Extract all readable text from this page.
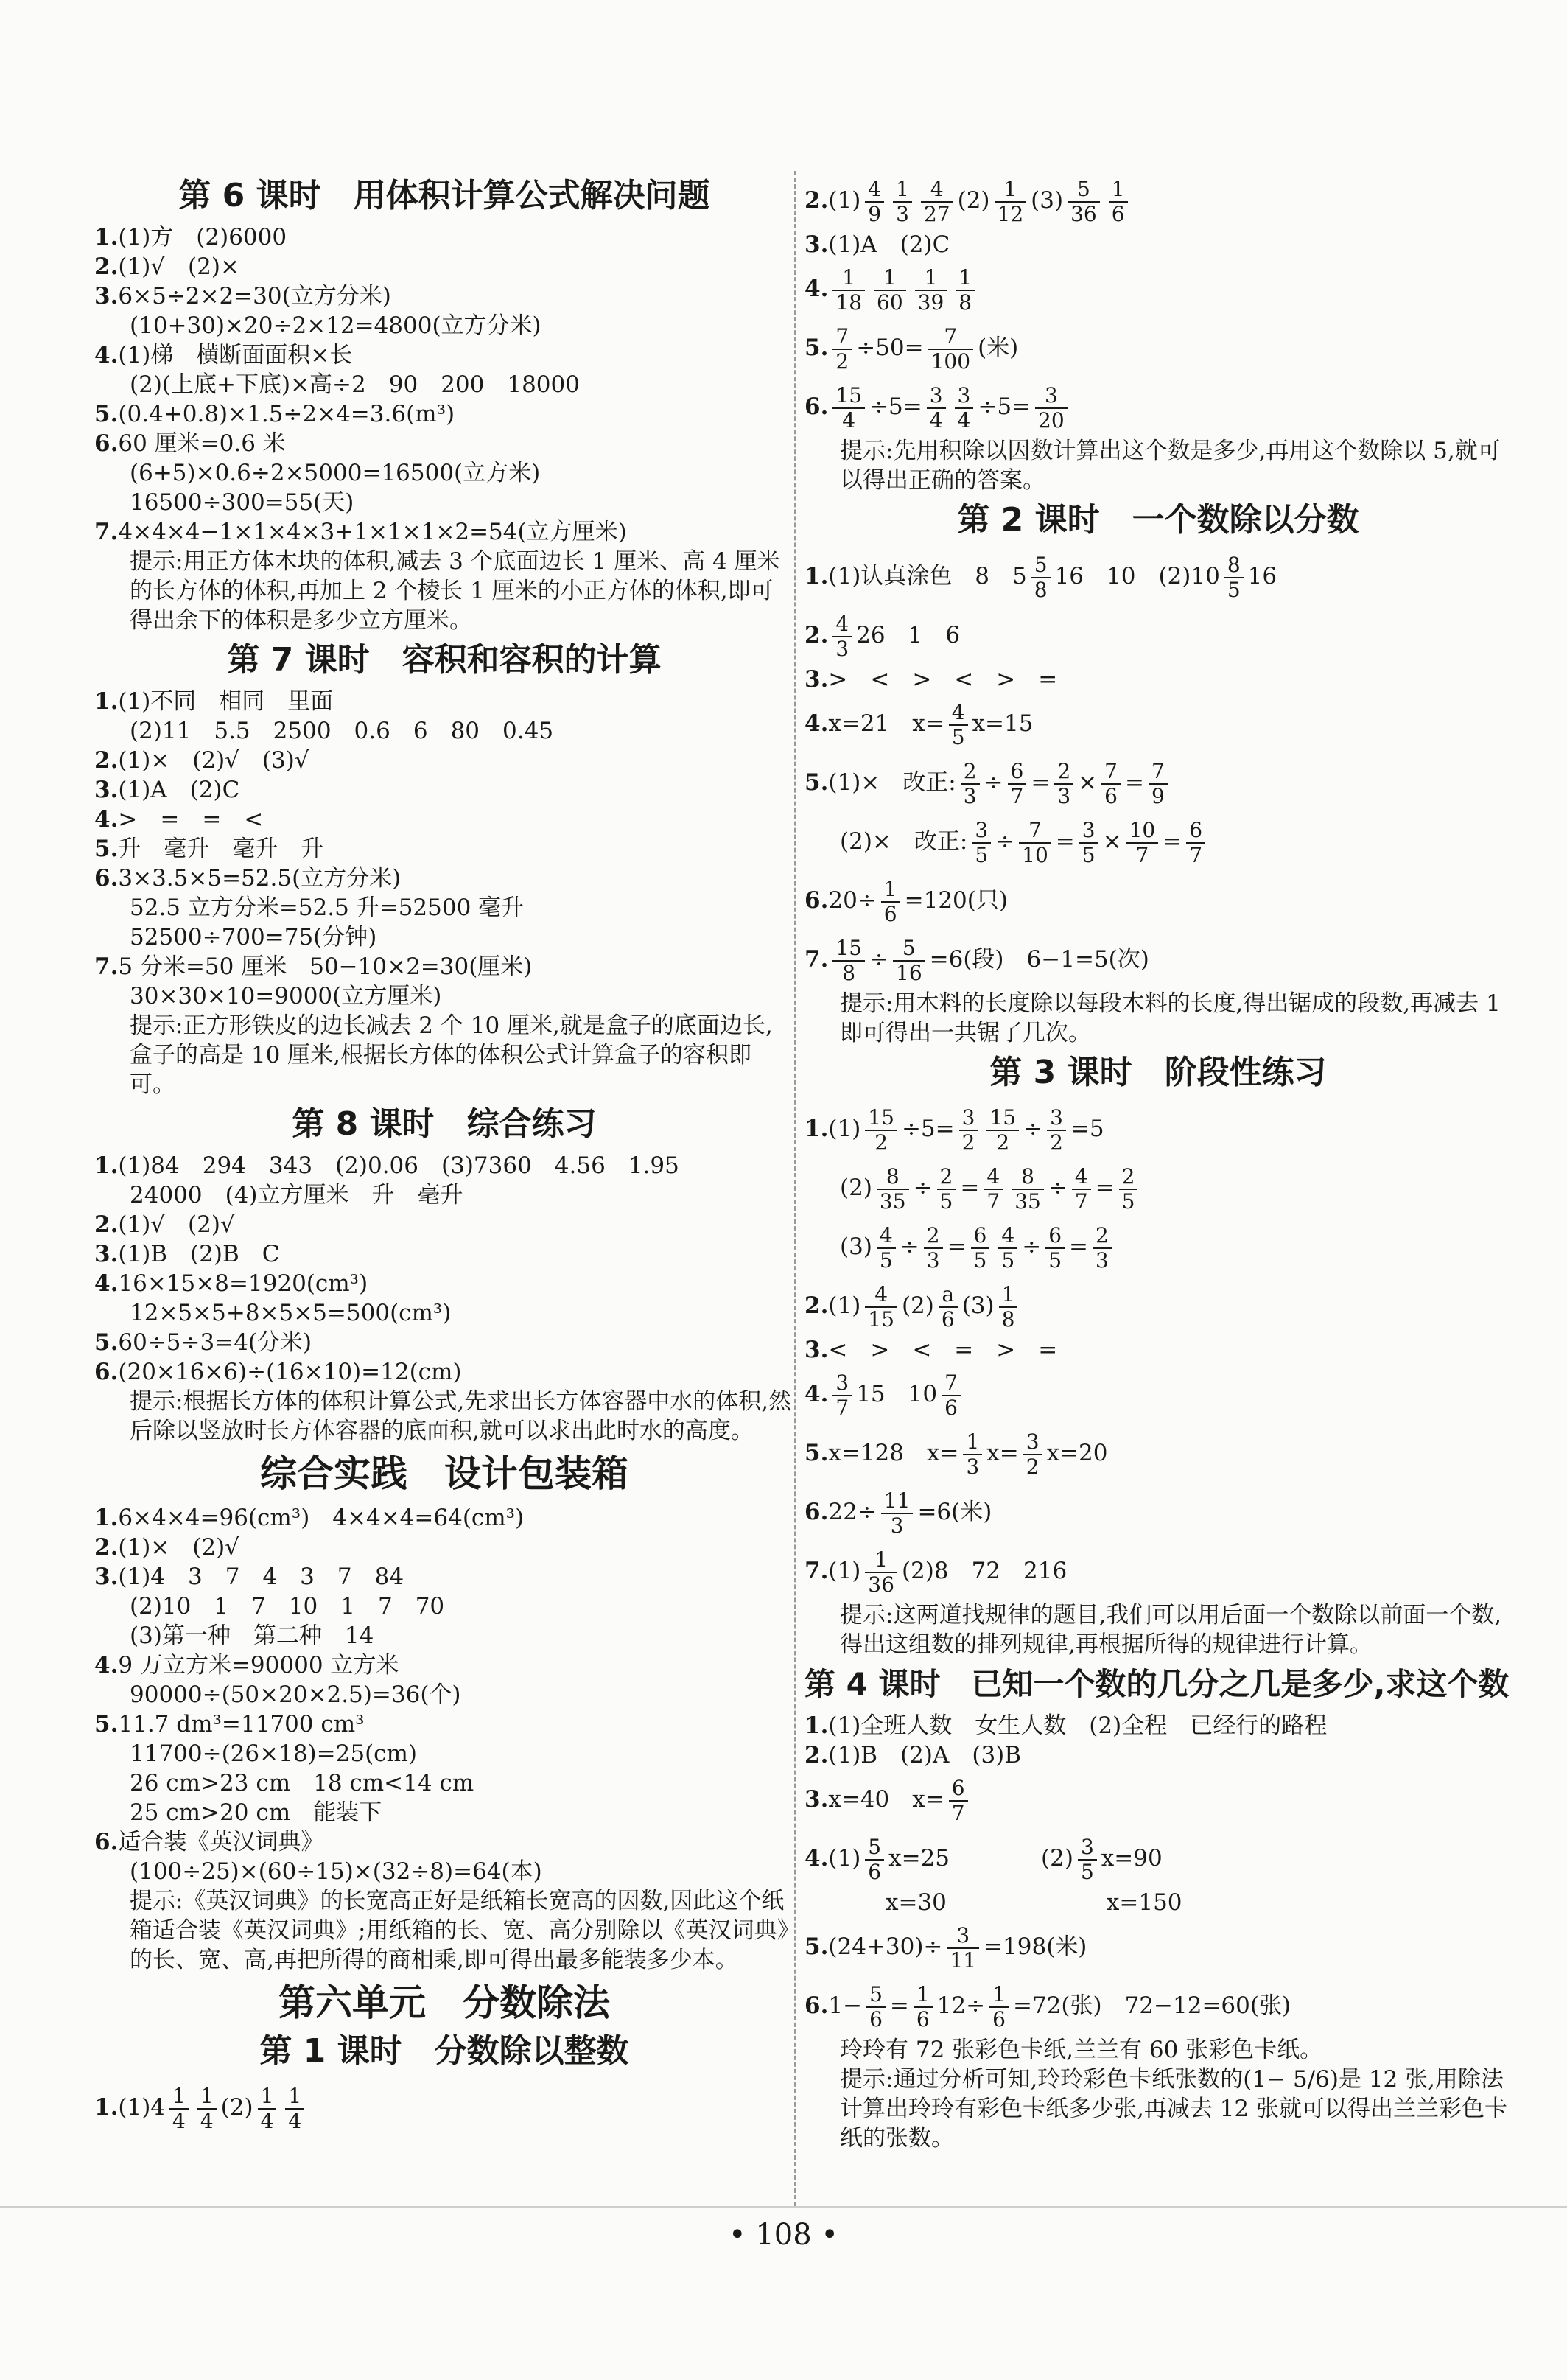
第 6 课时　用体积计算公式解决问题
1.(1)方　(2)6000
2.(1)√　(2)×
3.6×5÷2×2=30(立方分米)
(10+30)×20÷2×12=4800(立方分米)
4.(1)梯　横断面面积×长
(2)(上底+下底)×高÷2　90　200　18000
5.(0.4+0.8)×1.5÷2×4=3.6(m³)
6.60 厘米=0.6 米
(6+5)×0.6÷2×5000=16500(立方米)
16500÷300=55(天)
7.4×4×4−1×1×4×3+1×1×1×2=54(立方厘米)
提示:用正方体木块的体积,减去 3 个底面边长 1 厘米、高 4 厘米的长方体的体积,再加上 2 个棱长 1 厘米的小正方体的体积,即可得出余下的体积是多少立方厘米。
第 7 课时　容积和容积的计算
1.(1)不同　相同　里面
(2)11　5.5　2500　0.6　6　80　0.45
2.(1)×　(2)√　(3)√
3.(1)A　(2)C
4.>　=　=　<
5.升　毫升　毫升　升
6.3×3.5×5=52.5(立方分米)
52.5 立方分米=52.5 升=52500 毫升
52500÷700=75(分钟)
7.5 分米=50 厘米　50−10×2=30(厘米)
30×30×10=9000(立方厘米)
提示:正方形铁皮的边长减去 2 个 10 厘米,就是盒子的底面边长,盒子的高是 10 厘米,根据长方体的体积公式计算盒子的容积即可。
第 8 课时　综合练习
1.(1)84　294　343　(2)0.06　(3)7360　4.56　1.95
24000　(4)立方厘米　升　毫升
2.(1)√　(2)√
3.(1)B　(2)B　C
4.16×15×8=1920(cm³)
12×5×5+8×5×5=500(cm³)
5.60÷5÷3=4(分米)
6.(20×16×6)÷(16×10)=12(cm)
提示:根据长方体的体积计算公式,先求出长方体容器中水的体积,然后除以竖放时长方体容器的底面积,就可以求出此时水的高度。
综合实践　设计包装箱
1.6×4×4=96(cm³)　4×4×4=64(cm³)
2.(1)×　(2)√
3.(1)4　3　7　4　3　7　84
(2)10　1　7　10　1　7　70
(3)第一种　第二种　14
4.9 万立方米=90000 立方米
90000÷(50×20×2.5)=36(个)
5.11.7 dm³=11700 cm³
11700÷(26×18)=25(cm)
26 cm>23 cm　18 cm<14 cm
25 cm>20 cm　能装下
6.适合装《英汉词典》
(100÷25)×(60÷15)×(32÷8)=64(本)
提示:《英汉词典》的长宽高正好是纸箱长宽高的因数,因此这个纸箱适合装《英汉词典》;用纸箱的长、宽、高分别除以《英汉词典》的长、宽、高,再把所得的商相乘,即可得出最多能装多少本。
第六单元　分数除法
第 1 课时　分数除以整数
$1.(1)4 \frac{1}{4} \frac{1}{4} (2) \frac{1}{4} \frac{1}{4}$
$2.(1) \frac{4}{9} \frac{1}{3} \frac{4}{27} (2) \frac{1}{12} (3) \frac{5}{36} \frac{1}{6}$
3.(1)A　(2)C
4. $\frac{1}{18} \frac{1}{60} \frac{1}{39} \frac{1}{8}$
5. $\frac{7}{2} \div 50= \frac{7}{100}$ (米)
6. $\frac{15}{4} \div 5= \frac{3}{4} \frac{3}{4} \div 5= \frac{3}{20}$
提示:先用积除以因数计算出这个数是多少,再用这个数除以 5,就可以得出正确的答案。
第 2 课时　一个数除以分数
1.(1)认真涂色　8　$5 \frac{5}{8} 16$　10　$(2)10 \frac{8}{5} 16$
2. $\frac{4}{3} 26$　1　6
3.>　<　>　<　>　=
4.x=21　$x= \frac{4}{5} x=15$
5.(1)×　改正: $\frac{2}{3} \div \frac{6}{7} = \frac{2}{3} \times \frac{7}{6} = \frac{7}{9}$
(2)×　改正: $\frac{3}{5} \div \frac{7}{10} = \frac{3}{5} \times \frac{10}{7} = \frac{6}{7}$
$6.20\div \frac{1}{6} =120$(只)
7. $\frac{15}{8} \div \frac{5}{16} =6$(段)　6−1=5(次)
提示:用木料的长度除以每段木料的长度,得出锯成的段数,再减去 1 即可得出一共锯了几次。
第 3 课时　阶段性练习
$1.(1) \frac{15}{2} \div 5= \frac{3}{2} \frac{15}{2} \div \frac{3}{2} =5$
$(2) \frac{8}{35} \div \frac{2}{5} = \frac{4}{7} \frac{8}{35} \div \frac{4}{7} = \frac{2}{5}$
$(3) \frac{4}{5} \div \frac{2}{3} = \frac{6}{5} \frac{4}{5} \div \frac{6}{5} = \frac{2}{3}$
$2.(1) \frac{4}{15} (2) \frac{a}{6} (3) \frac{1}{8}$
3.<　>　<　=　>　=
4. $\frac{3}{7} 15$　$10 \frac{7}{6}$
5.x=128　$x= \frac{1}{3} x= \frac{3}{2} x=20$
$6.22\div \frac{11}{3} =6$(米)
$7.(1) \frac{1}{36} (2)8$　72　216
提示:这两道找规律的题目,我们可以用后面一个数除以前面一个数,得出这组数的排列规律,再根据所得的规律进行计算。
第 4 课时　已知一个数的几分之几是多少,求这个数
1.(1)全班人数　女生人数　(2)全程　已经行的路程
2.(1)B　(2)A　(3)B
3.x=40　$x= \frac{6}{7}$
$4.(1) \frac{5}{6} x=25$　　　　$(2) \frac{3}{5} x=90$
　　x=30　　　　　　　x=150
$5.(24+30)\div \frac{3}{11} =198$(米)
$6.1- \frac{5}{6} = \frac{1}{6} 12\div \frac{1}{6} =72$(张)　72−12=60(张)
玲玲有 72 张彩色卡纸,兰兰有 60 张彩色卡纸。
提示:通过分析可知,玲玲彩色卡纸张数的(1− 5/6)是 12 张,用除法计算出玲玲有彩色卡纸多少张,再减去 12 张就可以得出兰兰彩色卡纸的张数。
• 108 •
